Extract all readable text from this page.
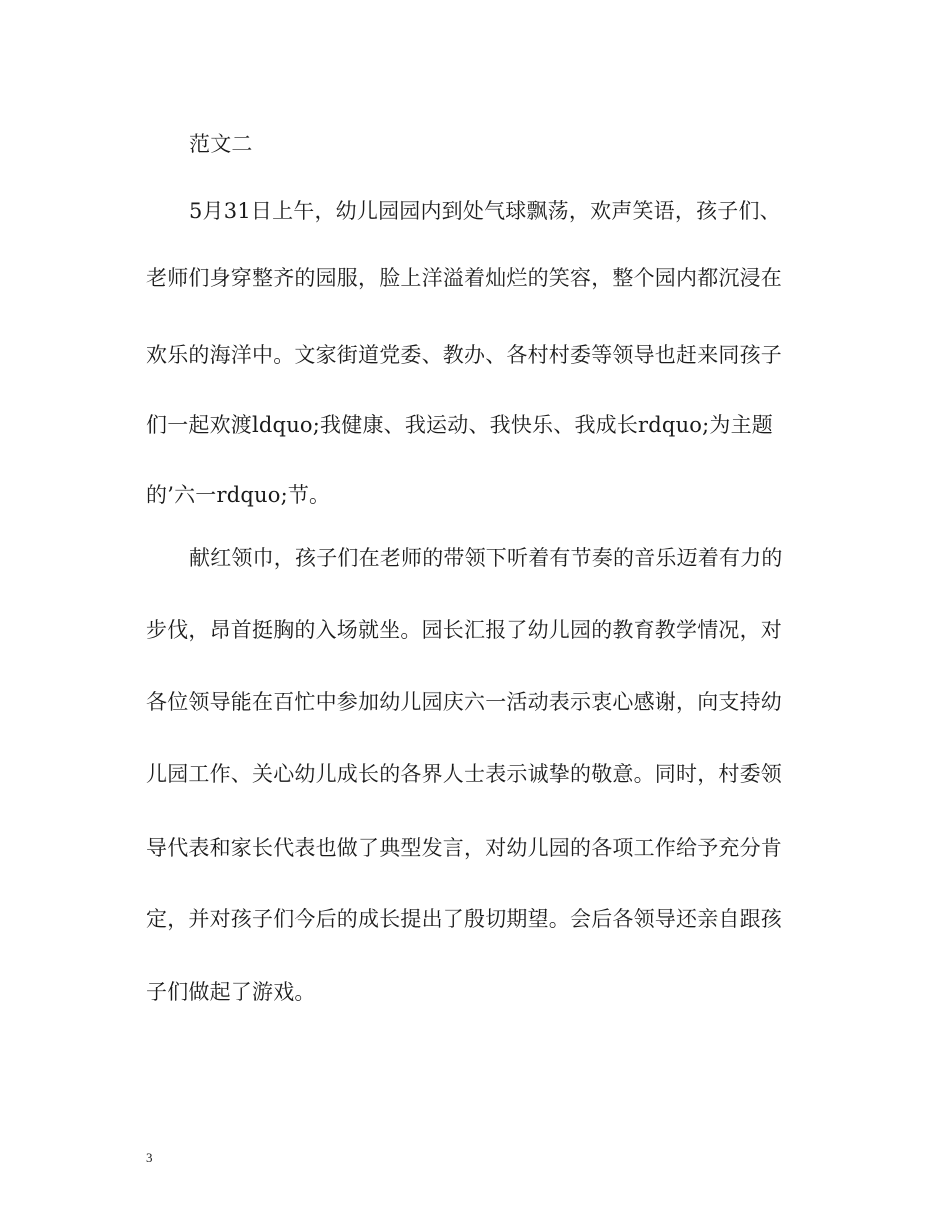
范文二
5月31日上午，幼儿园园内到处气球飘荡，欢声笑语，孩子们、
老师们身穿整齐的园服，脸上洋溢着灿烂的笑容，整个园内都沉浸在
欢乐的海洋中。文家街道党委、教办、各村村委等领导也赶来同孩子
们一起欢渡ldquo;我健康、我运动、我快乐、我成长rdquo;为主题
的’六一rdquo;节。
献红领巾，孩子们在老师的带领下听着有节奏的音乐迈着有力的
步伐，昂首挺胸的入场就坐。园长汇报了幼儿园的教育教学情况，对
各位领导能在百忙中参加幼儿园庆六一活动表示衷心感谢，向支持幼
儿园工作、关心幼儿成长的各界人士表示诚挚的敬意。同时，村委领
导代表和家长代表也做了典型发言，对幼儿园的各项工作给予充分肯
定，并对孩子们今后的成长提出了殷切期望。会后各领导还亲自跟孩
子们做起了游戏。
3
